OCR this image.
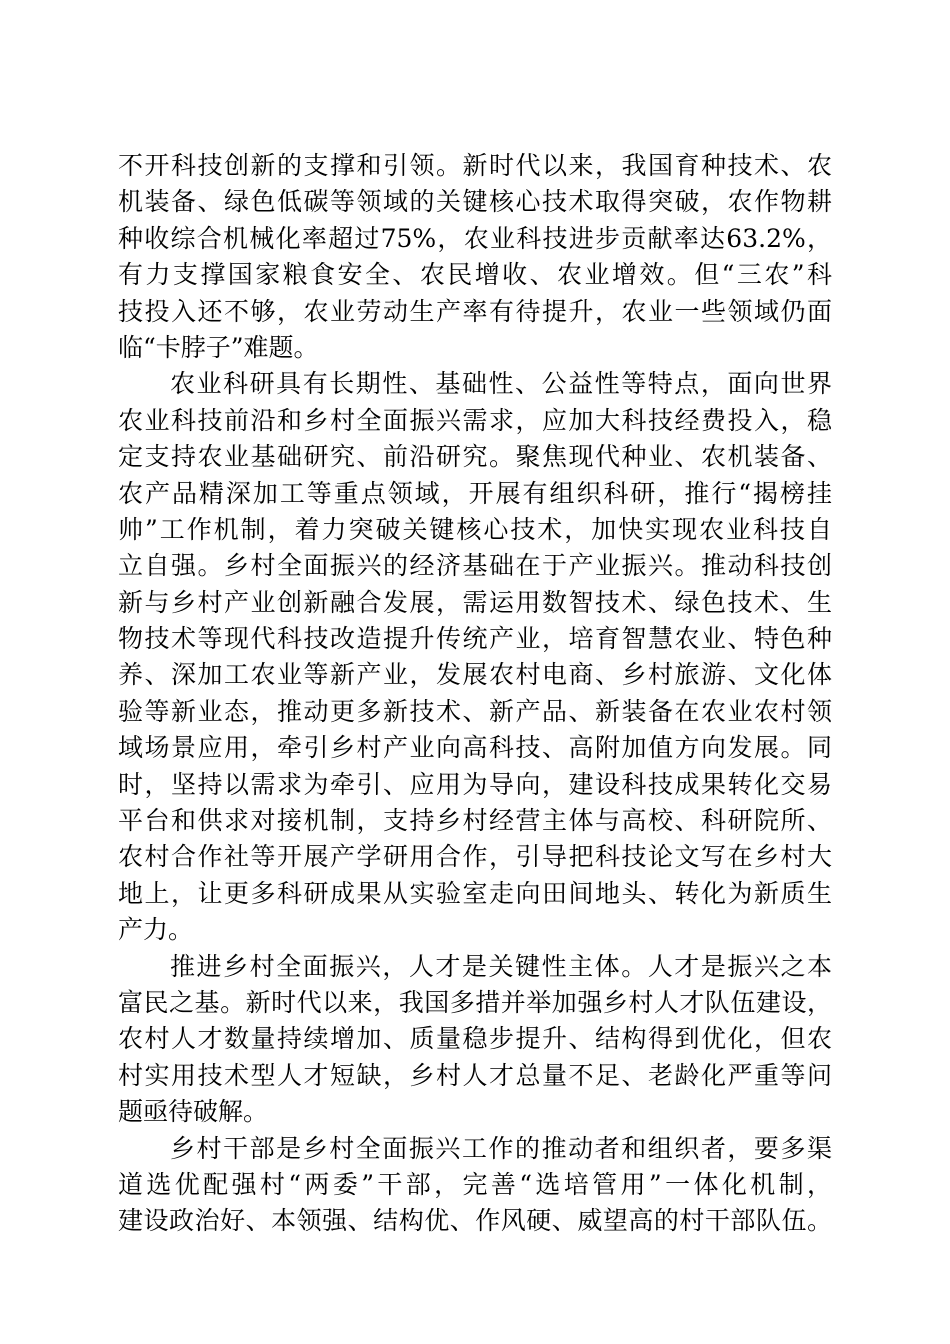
不开科技创新的支撑和引领。新时代以来，我国育种技术、农
机装备、绿色低碳等领域的关键核心技术取得突破，农作物耕
种收综合机械化率超过75%，农业科技进步贡献率达63.2%，
有力支撑国家粮食安全、农民增收、农业增效。但“三农”科
技投入还不够，农业劳动生产率有待提升，农业一些领域仍面
临“卡脖子”难题。
农业科研具有长期性、基础性、公益性等特点，面向世界
农业科技前沿和乡村全面振兴需求，应加大科技经费投入，稳
定支持农业基础研究、前沿研究。聚焦现代种业、农机装备、
农产品精深加工等重点领域，开展有组织科研，推行“揭榜挂
帅”工作机制，着力突破关键核心技术，加快实现农业科技自
立自强。乡村全面振兴的经济基础在于产业振兴。推动科技创
新与乡村产业创新融合发展，需运用数智技术、绿色技术、生
物技术等现代科技改造提升传统产业，培育智慧农业、特色种
养、深加工农业等新产业，发展农村电商、乡村旅游、文化体
验等新业态，推动更多新技术、新产品、新装备在农业农村领
域场景应用，牵引乡村产业向高科技、高附加值方向发展。同
时，坚持以需求为牵引、应用为导向，建设科技成果转化交易
平台和供求对接机制，支持乡村经营主体与高校、科研院所、
农村合作社等开展产学研用合作，引导把科技论文写在乡村大
地上，让更多科研成果从实验室走向田间地头、转化为新质生
产力。
推进乡村全面振兴，人才是关键性主体。人才是振兴之本
富民之基。新时代以来，我国多措并举加强乡村人才队伍建设，
农村人才数量持续增加、质量稳步提升、结构得到优化，但农
村实用技术型人才短缺，乡村人才总量不足、老龄化严重等问
题亟待破解。
乡村干部是乡村全面振兴工作的推动者和组织者，要多渠
道选优配强村“两委”干部，完善“选培管用”一体化机制，
建设政治好、本领强、结构优、作风硬、威望高的村干部队伍。
